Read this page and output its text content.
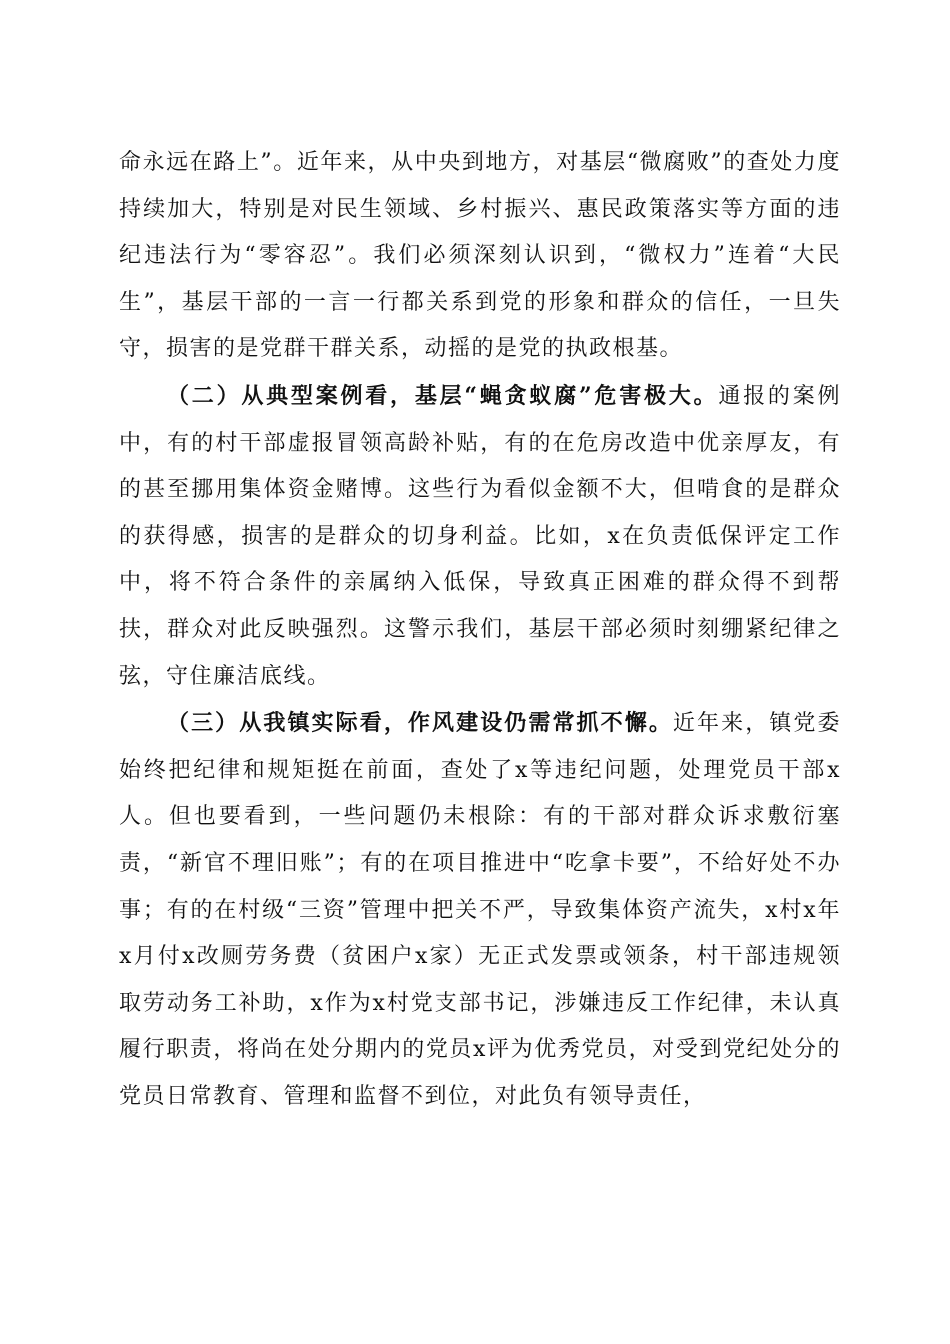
命永远在路上”。近年来，从中央到地方，对基层“微腐败”的查处力度持续加大，特别是对民生领域、乡村振兴、惠民政策落实等方面的违纪违法行为“零容忍”。我们必须深刻认识到，“微权力”连着“大民生”，基层干部的一言一行都关系到党的形象和群众的信任，一旦失守，损害的是党群干群关系，动摇的是党的执政根基。

（二）从典型案例看，基层“蝇贪蚁腐”危害极大。通报的案例中，有的村干部虚报冒领高龄补贴，有的在危房改造中优亲厚友，有的甚至挪用集体资金赌博。这些行为看似金额不大，但啃食的是群众的获得感，损害的是群众的切身利益。比如，x在负责低保评定工作中，将不符合条件的亲属纳入低保，导致真正困难的群众得不到帮扶，群众对此反映强烈。这警示我们，基层干部必须时刻绷紧纪律之弦，守住廉洁底线。

（三）从我镇实际看，作风建设仍需常抓不懈。近年来，镇党委始终把纪律和规矩挺在前面，查处了x等违纪问题，处理党员干部x人。但也要看到，一些问题仍未根除：有的干部对群众诉求敷衍塞责，“新官不理旧账”；有的在项目推进中“吃拿卡要”，不给好处不办事；有的在村级“三资”管理中把关不严，导致集体资产流失，x村x年x月付x改厕劳务费（贫困户x家）无正式发票或领条，村干部违规领取劳动务工补助，x作为x村党支部书记，涉嫌违反工作纪律，未认真履行职责，将尚在处分期内的党员x评为优秀党员，对受到党纪处分的党员日常教育、管理和监督不到位，对此负有领导责任，
